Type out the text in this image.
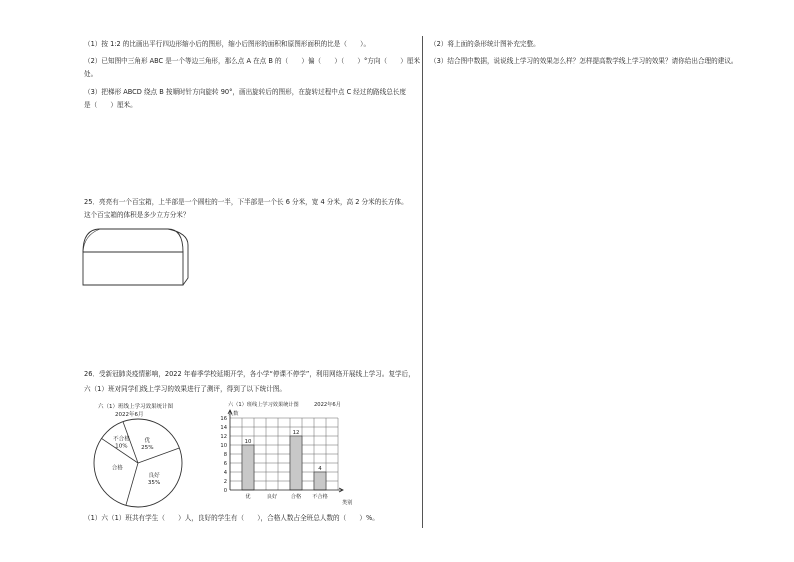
（1）按 1:2 的比画出平行四边形缩小后的图形，缩小后图形的面积和原图形面积的比是（　　）。
（2）已知图中三角形 ABC 是一个等边三角形，那么点 A 在点 B 的（　　）偏（　　）（　　）°方向（　　）厘米
处。
（3）把梯形 ABCD 绕点 B 按顺时针方向旋转 90°，画出旋转后的图形，在旋转过程中点 C 经过的路线总长度
是（　　）厘米。
25．亮亮有一个百宝箱，上半部是一个圆柱的一半，下半部是一个长 6 分米，宽 4 分米，高 2 分米的长方体。
这个百宝箱的体积是多少立方分米？
26．受新冠肺炎疫情影响，2022 年春季学校延期开学，各小学“停课不停学”，利用网络开展线上学习。复学后，
六（1）班对同学们线上学习的效果进行了测评，得到了以下统计图。
六（1）班线上学习效果统计图
2022年6月
优
25%
良好
35%
合格
不合格
10%
六（1）班线上学习效果统计图	2022年6月
人数
类别
0
2
4
6
8
10
12
14
16
优	良好	合格 不合格
10
12
4
（1）六（1）班共有学生（　　）人，良好的学生有（　　），合格人数占全班总人数的（　　）%。
（2）将上面的条形统计图补充完整。
（3）结合图中数据，说说线上学习的效果怎么样？怎样提高数学线上学习的效果？请你给出合理的建议。
